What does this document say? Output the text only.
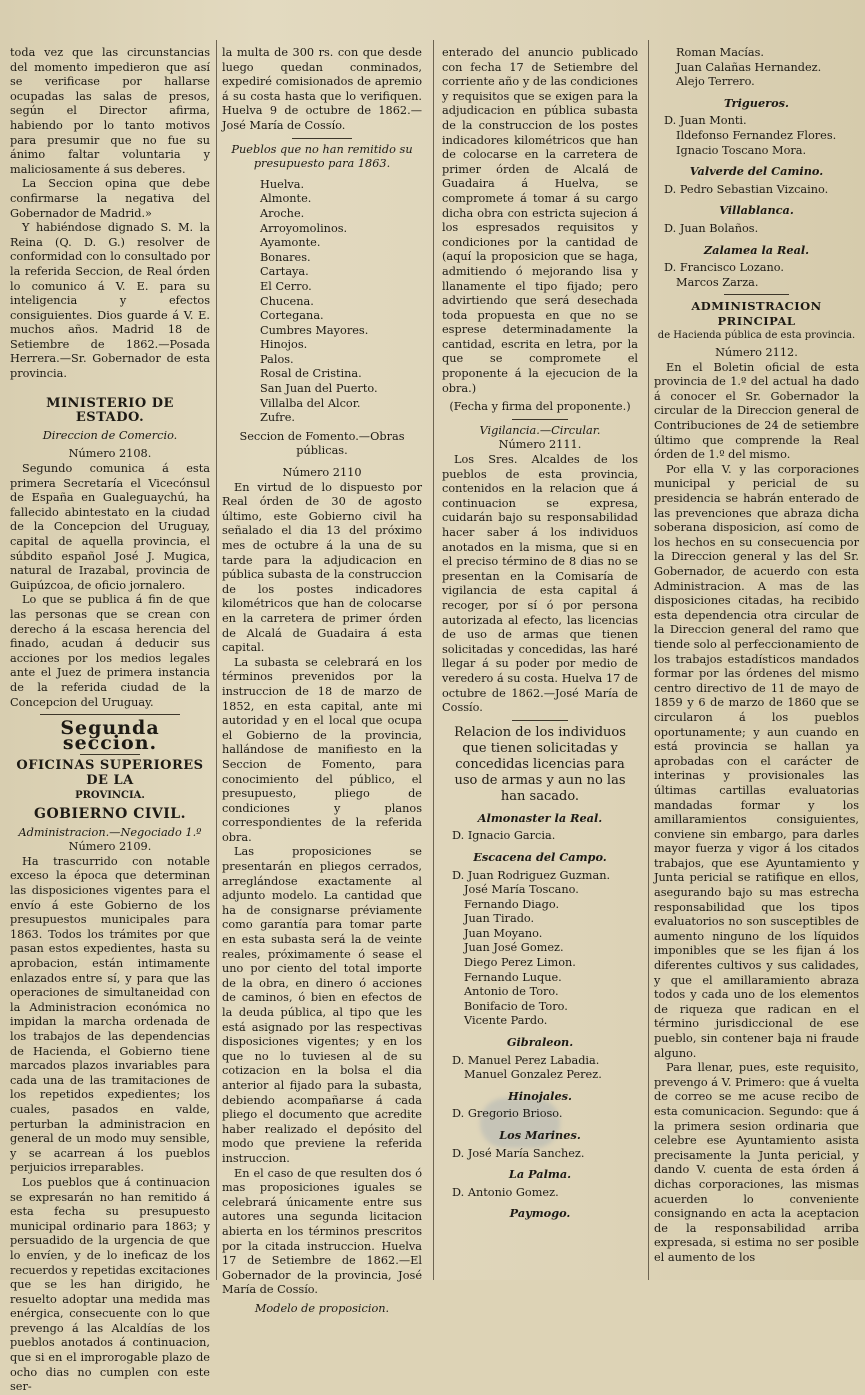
toda vez que las circunstancias del momento impedieron que así se verificase por hallarse ocupadas las salas de presos, según el Director afirma, habiendo por lo tanto motivos para presumir que no fue su ánimo faltar voluntaria y maliciosamente á sus deberes.

La Seccion opina que debe confirmarse la negativa del Gobernador de Madrid.»

Y habiéndose dignado S. M. la Reina (Q. D. G.) resolver de conformidad con lo consultado por la referida Seccion, de Real órden lo comunico á V. E. para su inteligencia y efectos consiguientes. Dios guarde á V. E. muchos años. Madrid 18 de Setiembre de 1862.—Posada Herrera.—Sr. Gobernador de esta provincia.

MINISTERIO DE ESTADO.
Direccion de Comercio.
Número 2108.

Segundo comunica á esta primera Secretaría el Vicecónsul de España en Gualeguaychú, ha fallecido abintestato en la ciudad de la Concepcion del Uruguay, capital de aquella provincia, el súbdito español José J. Mugica, natural de Irazabal, provincia de Guipúzcoa, de oficio jornalero.

Lo que se publica á fin de que las personas que se crean con derecho á la escasa herencia del finado, acudan á deducir sus acciones por los medios legales ante el Juez de primera instancia de la referida ciudad de la Concepcion del Uruguay.

Segunda seccion.
OFICINAS SUPERIORES DE LA
PROVINCIA.
GOBIERNO CIVIL.
Administracion.—Negociado 1.º
Número 2109.

Ha trascurrido con notable exceso la época que determinan las disposiciones vigentes para el envío á este Gobierno de los presupuestos municipales para 1863. Todos los trámites por que pasan estos expedientes, hasta su aprobacion, están intimamente enlazados entre sí, y para que las operaciones de simultaneidad con la Administracion económica no impidan la marcha ordenada de los trabajos de las dependencias de Hacienda, el Gobierno tiene marcados plazos invariables para cada una de las tramitaciones de los repetidos expedientes; los cuales, pasados en valde, perturban la administracion en general de un modo muy sensible, y se acarrean á los pueblos perjuicios irreparables.

Los pueblos que á continuacion se expresarán no han remitido á esta fecha su presupuesto municipal ordinario para 1863; y persuadido de la urgencia de que lo envíen, y de lo ineficaz de los recuerdos y repetidas excitaciones que se les han dirigido, he resuelto adoptar una medida mas enérgica, consecuente con lo que prevengo á las Alcaldías de los pueblos anotados á continuacion, que si en el improrogable plazo de ocho dias no cumplen con este ser-

la multa de 300 rs. con que desde luego quedan conminados, expediré comisionados de apremio á su costa hasta que lo verifiquen. Huelva 9 de octubre de 1862.—José María de Cossío.

Pueblos que no han remitido su presupuesto para 1863.
Huelva.
Almonte.
Aroche.
Arroyomolinos.
Ayamonte.
Bonares.
Cartaya.
El Cerro.
Chucena.
Cortegana.
Cumbres Mayores.
Hinojos.
Palos.
Rosal de Cristina.
San Juan del Puerto.
Villalba del Alcor.
Zufre.
Seccion de Fomento.—Obras públicas.
Número 2110

En virtud de lo dispuesto por Real órden de 30 de agosto último, este Gobierno civil ha señalado el dia 13 del próximo mes de octubre á la una de su tarde para la adjudicacion en pública subasta de la construccion de los postes indicadores kilométricos que han de colocarse en la carretera de primer órden de Alcalá de Guadaira á esta capital.

La subasta se celebrará en los términos prevenidos por la instruccion de 18 de marzo de 1852, en esta capital, ante mi autoridad y en el local que ocupa el Gobierno de la provincia, hallándose de manifiesto en la Seccion de Fomento, para conocimiento del público, el presupuesto, pliego de condiciones y planos correspondientes de la referida obra.

Las proposiciones se presentarán en pliegos cerrados, arreglándose exactamente al adjunto modelo. La cantidad que ha de consignarse préviamente como garantía para tomar parte en esta subasta será la de veinte reales, próximamente ó sease el uno por ciento del total importe de la obra, en dinero ó acciones de caminos, ó bien en efectos de la deuda pública, al tipo que les está asignado por las respectivas disposiciones vigentes; y en los que no lo tuviesen al de su cotizacion en la bolsa el dia anterior al fijado para la subasta, debiendo acompañarse á cada pliego el documento que acredite haber realizado el depósito del modo que previene la referida instruccion.

En el caso de que resulten dos ó mas proposiciones iguales se celebrará únicamente entre sus autores una segunda licitacion abierta en los términos prescritos por la citada instruccion. Huelva 17 de Setiembre de 1862.—El Gobernador de la provincia, José María de Cossío.

Modelo de proposicion.

enterado del anuncio publicado con fecha 17 de Setiembre del corriente año y de las condiciones y requisitos que se exigen para la adjudicacion en pública subasta de la construccion de los postes indicadores kilométricos que han de colocarse en la carretera de primer órden de Alcalá de Guadaira á Huelva, se compromete á tomar á su cargo dicha obra con estricta sujecion á los espresados requisitos y condiciones por la cantidad de (aquí la proposicion que se haga, admitiendo ó mejorando lisa y llanamente el tipo fijado; pero advirtiendo que será desechada toda propuesta en que no se esprese determinadamente la cantidad, escrita en letra, por la que se compromete el proponente á la ejecucion de la obra.)

(Fecha y firma del proponente.)
Vigilancia.—Circular.
Número 2111.

Los Sres. Alcaldes de los pueblos de esta provincia, contenidos en la relacion que á continuacion se expresa, cuidarán bajo su responsabilidad hacer saber á los individuos anotados en la misma, que si en el preciso término de 8 dias no se presentan en la Comisaría de vigilancia de esta capital á recoger, por sí ó por persona autorizada al efecto, las licencias de uso de armas que tienen solicitadas y concedidas, las haré llegar á su poder por medio de veredero á su costa. Huelva 17 de octubre de 1862.—José María de Cossío.

Relacion de los individuos que tienen solicitadas y concedidas licencias para uso de armas y aun no las han sacado.

Almonaster la Real.
D. Ignacio Garcia.
Escacena del Campo.
D. Juan Rodriguez Guzman.
José María Toscano.
Fernando Diago.
Juan Tirado.
Juan Moyano.
Juan José Gomez.
Diego Perez Limon.
Fernando Luque.
Antonio de Toro.
Bonifacio de Toro.
Vicente Pardo.
Gibraleon.
D. Manuel Perez Labadia.
Manuel Gonzalez Perez.
Hinojales.
D. Gregorio Brioso.
Los Marines.
D. José María Sanchez.
La Palma.
D. Antonio Gomez.
Paymogo.
Roman Macías.
Juan Calañas Hernandez.
Alejo Terrero.
Trigueros.
D. Juan Monti.
Ildefonso Fernandez Flores.
Ignacio Toscano Mora.
Valverde del Camino.
D. Pedro Sebastian Vizcaino.
Villablanca.
D. Juan Bolaños.
Zalamea la Real.
D. Francisco Lozano.
Marcos Zarza.
ADMINISTRACION PRINCIPAL
de Hacienda pública de esta provincia.
Número 2112.

En el Boletin oficial de esta provincia de 1.º del actual ha dado á conocer el Sr. Gobernador la circular de la Direccion general de Contribuciones de 24 de setiembre último que comprende la Real órden de 1.º del mismo.

Por ella V. y las corporaciones municipal y pericial de su presidencia se habrán enterado de las prevenciones que abraza dicha soberana disposicion, así como de los hechos en su consecuencia por la Direccion general y las del Sr. Gobernador, de acuerdo con esta Administracion. A mas de las disposiciones citadas, ha recibido esta dependencia otra circular de la Direccion general del ramo que tiende solo al perfeccionamiento de los trabajos estadísticos mandados formar por las órdenes del mismo centro directivo de 11 de mayo de 1859 y 6 de marzo de 1860 que se circularon á los pueblos oportunamente; y aun cuando en está provincia se hallan ya aprobadas con el carácter de interinas y provisionales las últimas cartillas evaluatorias mandadas formar y los amillaramientos consiguientes, conviene sin embargo, para darles mayor fuerza y vigor á los citados trabajos, que ese Ayuntamiento y Junta pericial se ratifique en ellos, asegurando bajo su mas estrecha responsabilidad que los tipos evaluatorios no son susceptibles de aumento ninguno de los líquidos imponibles que se les fijan á los diferentes cultivos y sus calidades, y que el amillaramiento abraza todos y cada uno de los elementos de riqueza que radican en el término jurisdiccional de ese pueblo, sin contener baja ni fraude alguno.

Para llenar, pues, este requisito, prevengo á V. Primero: que á vuelta de correo se me acuse recibo de esta comunicacion. Segundo: que á la primera sesion ordinaria que celebre ese Ayuntamiento asista precisamente la Junta pericial, y dando V. cuenta de esta órden á dichas corporaciones, las mismas acuerden lo conveniente consignando en acta la aceptacion de la responsabilidad arriba expresada, si estima no ser posible el aumento de los
